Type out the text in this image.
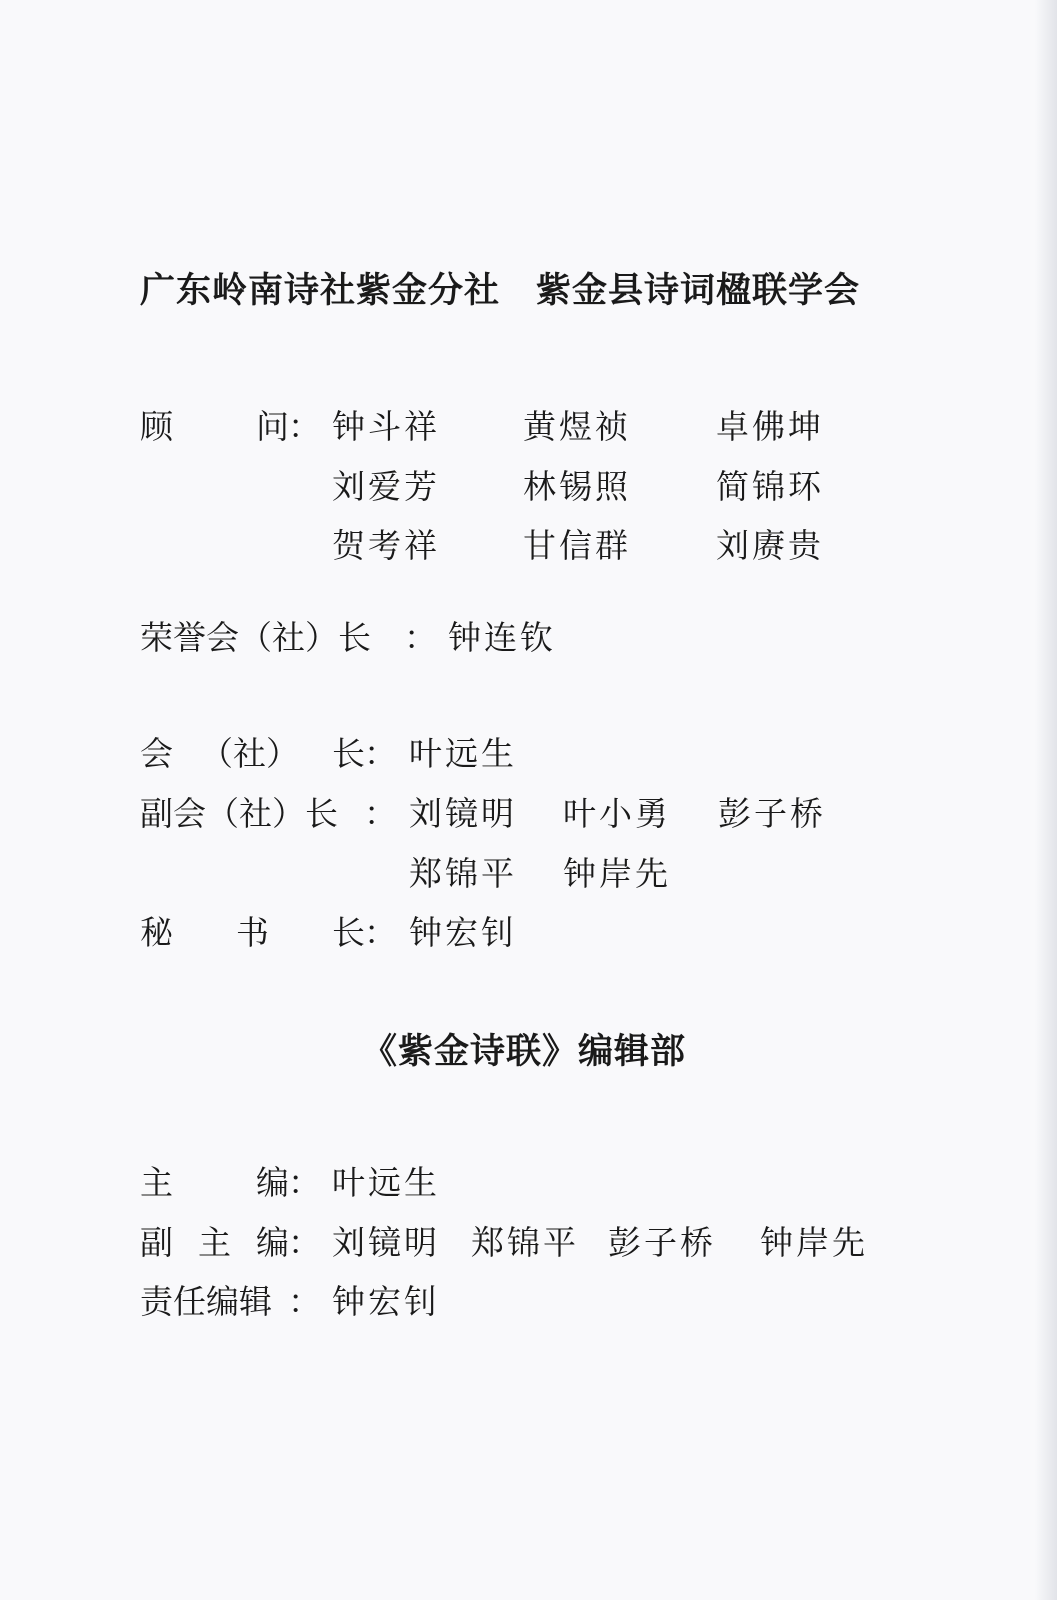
广东岭南诗社紫金分社　紫金县诗词楹联学会
顾	问 ： 钟斗祥	黄煜祯	卓佛坤
刘爱芳	林锡照	简锦环
贺考祥	甘信群	刘赓贵
荣誉会（社）长 ： 钟连钦
会 （社） 长 ： 叶远生
副会（社）长 ： 刘镜明 叶小勇 彭子桥
郑锦平 钟岸先
秘 书 长 ： 钟宏钊
《紫金诗联》编辑部
主	编 ： 叶远生
副 主 编 ： 刘镜明 郑锦平 彭子桥 钟岸先
责任编辑 ： 钟宏钊
